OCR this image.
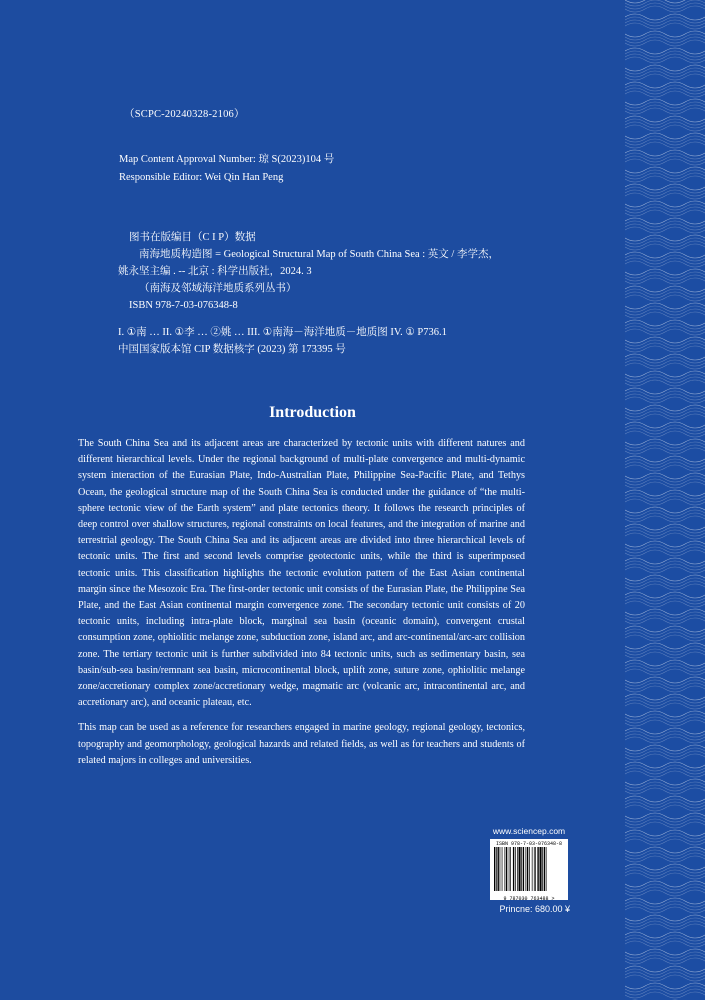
（SCPC-20240328-2106）
Map Content Approval Number: 琼 S(2023)104 号
Responsible Editor: Wei Qin Han Peng
图书在版编目（C I P）数据
南海地质构造图 = Geological Structural Map of South China Sea : 英文 / 李学杰，
姚永坚主编 . -- 北京 : 科学出版社，2024. 3
（南海及邻域海洋地质系列丛书）
ISBN 978-7-03-076348-8
I. ①南 … II. ①李 … ②姚 … III. ①南海－海洋地质－地质图 IV. ① P736.1
中国国家版本馆 CIP 数据核字 (2023) 第 173395 号
Introduction

The South China Sea and its adjacent areas are characterized by tectonic units with different natures and different hierarchical levels. Under the regional background of multi-plate convergence and multi-dynamic system interaction of the Eurasian Plate, Indo-Australian Plate, Philippine Sea-Pacific Plate, and Tethys Ocean, the geological structure map of the South China Sea is conducted under the guidance of “the multi-sphere tectonic view of the Earth system” and plate tectonics theory. It follows the research principles of deep control over shallow structures, regional constraints on local features, and the integration of marine and terrestrial geology. The South China Sea and its adjacent areas are divided into three hierarchical levels of tectonic units. The first and second levels comprise geotectonic units, while the third is superimposed tectonic units. This classification highlights the tectonic evolution pattern of the East Asian continental margin since the Mesozoic Era. The first-order tectonic unit consists of the Eurasian Plate, the Philippine Sea Plate, and the East Asian continental margin convergence zone. The secondary tectonic unit consists of 20 tectonic units, including intra-plate block, marginal sea basin (oceanic domain), convergent crustal consumption zone, ophiolitic melange zone, subduction zone, island arc, and arc-continental/arc-arc collision zone. The tertiary tectonic unit is further subdivided into 84 tectonic units, such as sedimentary basin, sea basin/sub-sea basin/remnant sea basin, microcontinental block, uplift zone, suture zone, ophiolitic melange zone/accretionary complex zone/accretionary wedge, magmatic arc (volcanic arc, intracontinental arc, and accretionary arc), and oceanic plateau, etc.

This map can be used as a reference for researchers engaged in marine geology, regional geology, tectonics, topography and geomorphology, geological hazards and related fields, as well as for teachers and students of related majors in colleges and universities.

www.sciencep.com
ISBN 978-7-03-076348-8
9 787030 763488 >
Princne: 680.00 ¥
